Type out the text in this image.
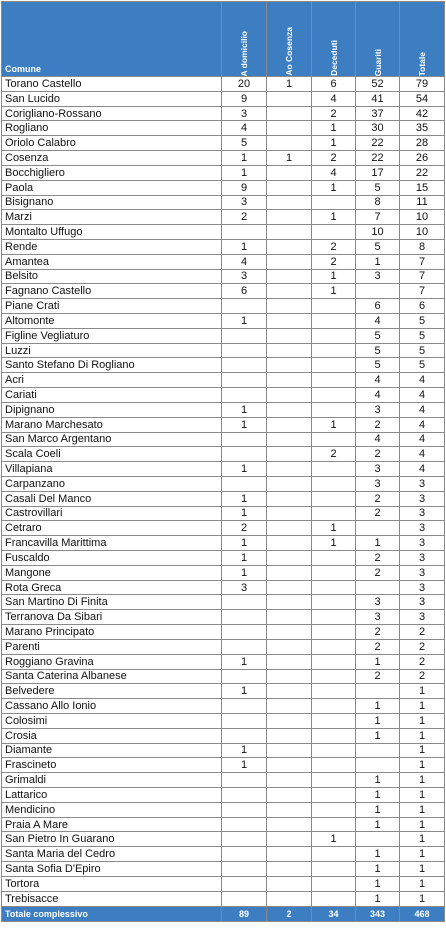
Comune	A domicilio	Ao Cosenza	Decedutì	Guariti	Totale

Torano Castello	20	1	6	52	79
San Lucido	9		4	41	54
Corigliano-Rossano	3		2	37	42
Rogliano	4		1	30	35
Oriolo Calabro	5		1	22	28
Cosenza	1	1	2	22	26
Bocchigliero	1		4	17	22
Paola	9		1	5	15
Bisignano	3			8	11
Marzi	2		1	7	10
Montalto Uffugo				10	10
Rende	1		2	5	8
Amantea	4		2	1	7
Belsito	3		1	3	7
Fagnano Castello	6		1		7
Piane Crati				6	6
Altomonte	1			4	5
Figline Vegliaturo				5	5
Luzzi				5	5
Santo Stefano Di Rogliano				5	5
Acri				4	4
Cariati				4	4
Dipignano	1			3	4
Marano Marchesato	1		1	2	4
San Marco Argentano				4	4
Scala Coeli			2	2	4
Villapiana	1			3	4
Carpanzano				3	3
Casali Del Manco	1			2	3
Castrovillari	1			2	3
Cetraro	2		1		3
Francavilla Marittima	1		1	1	3
Fuscaldo	1			2	3
Mangone	1			2	3
Rota Greca	3				3
San Martino Di Finita				3	3
Terranova Da Sibari				3	3
Marano Principato				2	2
Parenti				2	2
Roggiano Gravina	1			1	2
Santa Caterina Albanese				2	2
Belvedere	1				1
Cassano Allo Ionio				1	1
Colosimi				1	1
Crosia				1	1
Diamante	1				1
Frascineto	1				1
Grimaldi				1	1
Lattarico				1	1
Mendicino				1	1
Praia A Mare				1	1
San Pietro In Guarano			1		1
Santa Maria del Cedro				1	1
Santa Sofia D'Epiro				1	1
Tortora				1	1
Trebisacce				1	1
Totale complessivo	89	2	34	343	468
